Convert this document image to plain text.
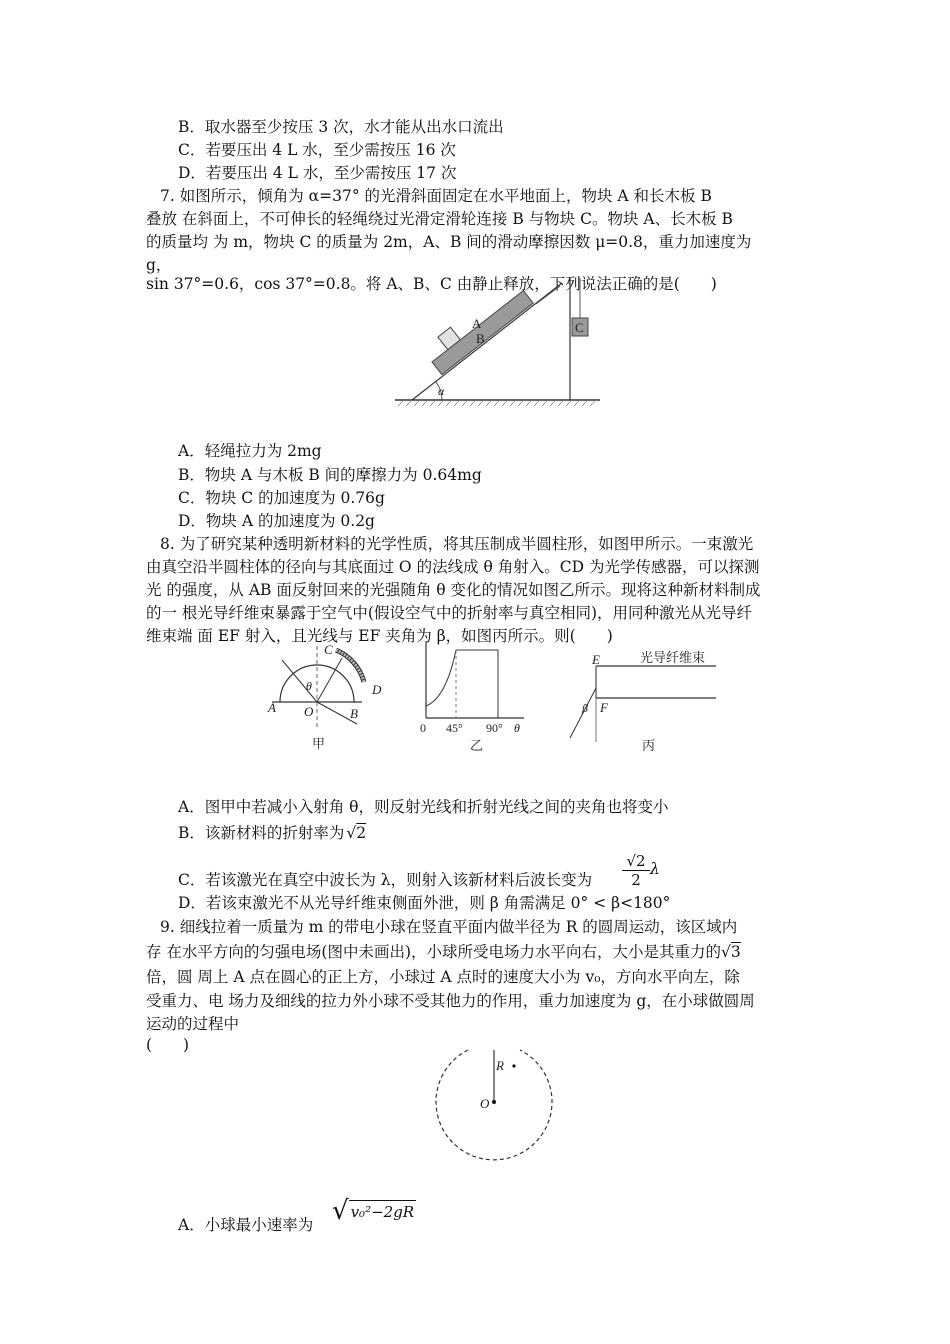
B．取水器至少按压 3 次，水才能从出水口流出
C．若要压出 4 L 水，至少需按压 16 次
D．若要压出 4 L 水，至少需按压 17 次
7. 如图所示，倾角为 α=37° 的光滑斜面固定在水平地面上，物块 A 和长木板 B
叠放 在斜面上，不可伸长的轻绳绕过光滑定滑轮连接 B 与物块 C。物块 A、长木板 B
的质量均 为 m，物块 C 的质量为 2m，A、B 间的滑动摩擦因数 μ=0.8，重力加速度为
g，
sin 37°=0.6，cos 37°=0.8。将 A、B、C 由静止释放，下列说法正确的是(　　)
α
A
B
C
A．轻绳拉力为 2mg
B．物块 A 与木板 B 间的摩擦力为 0.64mg
C．物块 C 的加速度为 0.76g
D．物块 A 的加速度为 0.2g
8. 为了研究某种透明新材料的光学性质，将其压制成半圆柱形，如图甲所示。一束激光
由真空沿半圆柱体的径向与其底面过 O 的法线成 θ 角射入。CD 为光学传感器，可以探测
光 的强度，从 AB 面反射回来的光强随角 θ 变化的情况如图乙所示。现将这种新材料制成
的一 根光导纤维束暴露于空气中(假设空气中的折射率与真空相同)，用同种激光从光导纤
维束端 面 EF 射入，且光线与 EF 夹角为 β，如图丙所示。则(　　)
A	B
C
D
O
θ
甲
0 45° 90° θ
乙
E
F
β
光导纤维束
丙
A．图甲中若减小入射角 θ，则反射光线和折射光线之间的夹角也将变小
B．该新材料的折射率为 √2
C．若该激光在真空中波长为 λ，则射入该新材料后波长变为 $\frac{√2}{2}$ λ
D．若该束激光不从光导纤维束侧面外泄，则 β 角需满足 0° < β<180°
9. 细线拉着一质量为 m 的带电小球在竖直平面内做半径为 R 的圆周运动，该区域内
存 在水平方向的匀强电场(图中未画出)，小球所受电场力水平向右，大小是其重力的√3
倍，圆 周上 A 点在圆心的正上方，小球过 A 点时的速度大小为 v₀，方向水平向左，除
受重力、电 场力及细线的拉力外小球不受其他力的作用，重力加速度为 g，在小球做圆周
运动的过程中
(　　)
R
O
A．小球最小速率为 √ v₀²−2gR
